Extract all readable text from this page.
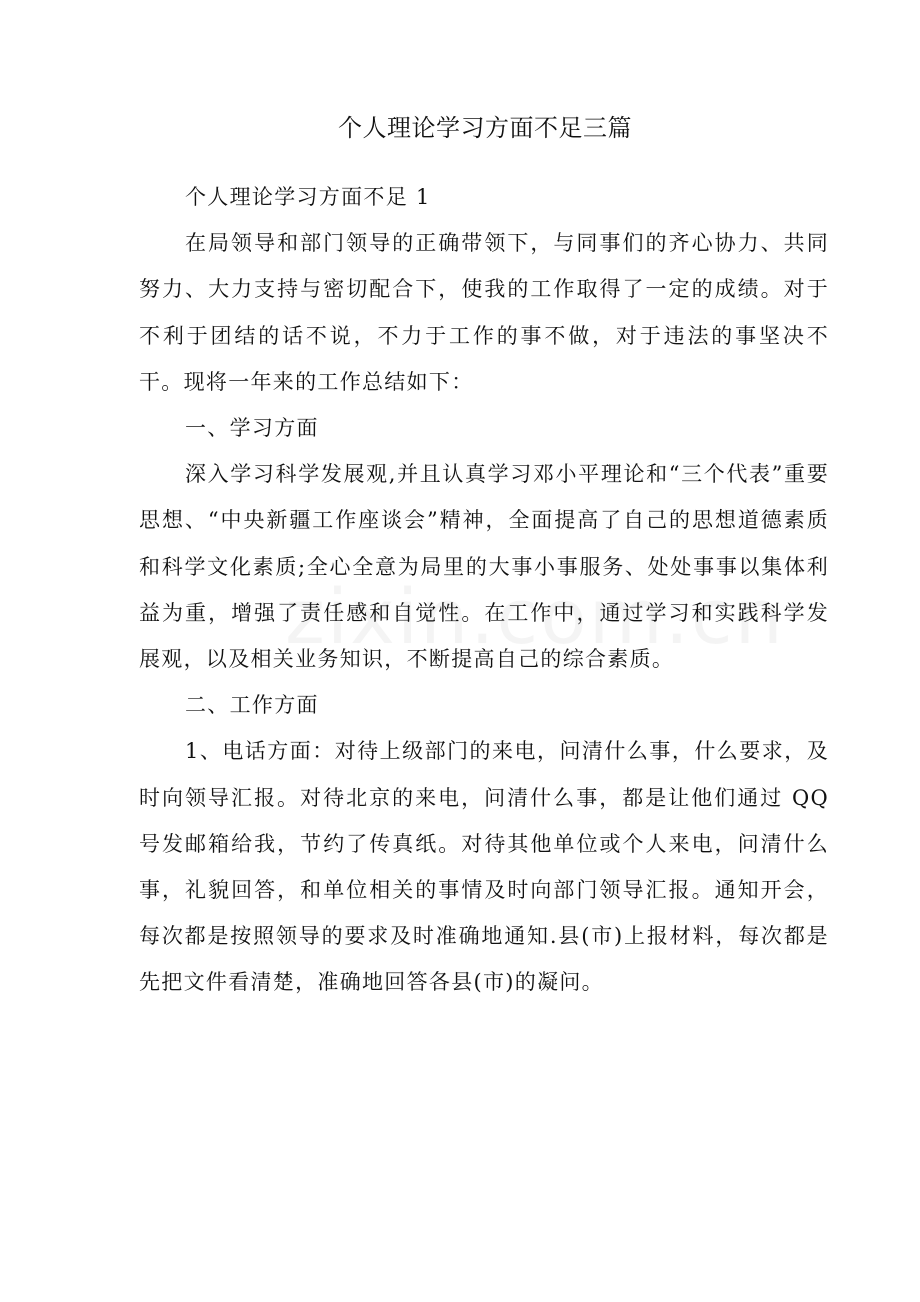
个人理论学习方面不足三篇

个人理论学习方面不足 1

在局领导和部门领导的正确带领下，与同事们的齐心协力、共同努力、大力支持与密切配合下，使我的工作取得了一定的成绩。对于不利于团结的话不说，不力于工作的事不做，对于违法的事坚决不干。现将一年来的工作总结如下：

一、学习方面

深入学习科学发展观,并且认真学习邓小平理论和“三个代表”重要思想、“中央新疆工作座谈会”精神，全面提高了自己的思想道德素质和科学文化素质;全心全意为局里的大事小事服务、处处事事以集体利益为重，增强了责任感和自觉性。在工作中，通过学习和实践科学发展观，以及相关业务知识，不断提高自己的综合素质。

二、工作方面

1、电话方面：对待上级部门的来电，问清什么事，什么要求，及时向领导汇报。对待北京的来电，问清什么事，都是让他们通过 QQ 号发邮箱给我，节约了传真纸。对待其他单位或个人来电，问清什么事，礼貌回答，和单位相关的事情及时向部门领导汇报。通知开会，每次都是按照领导的要求及时准确地通知.县(市)上报材料，每次都是先把文件看清楚，准确地回答各县(市)的凝问。
